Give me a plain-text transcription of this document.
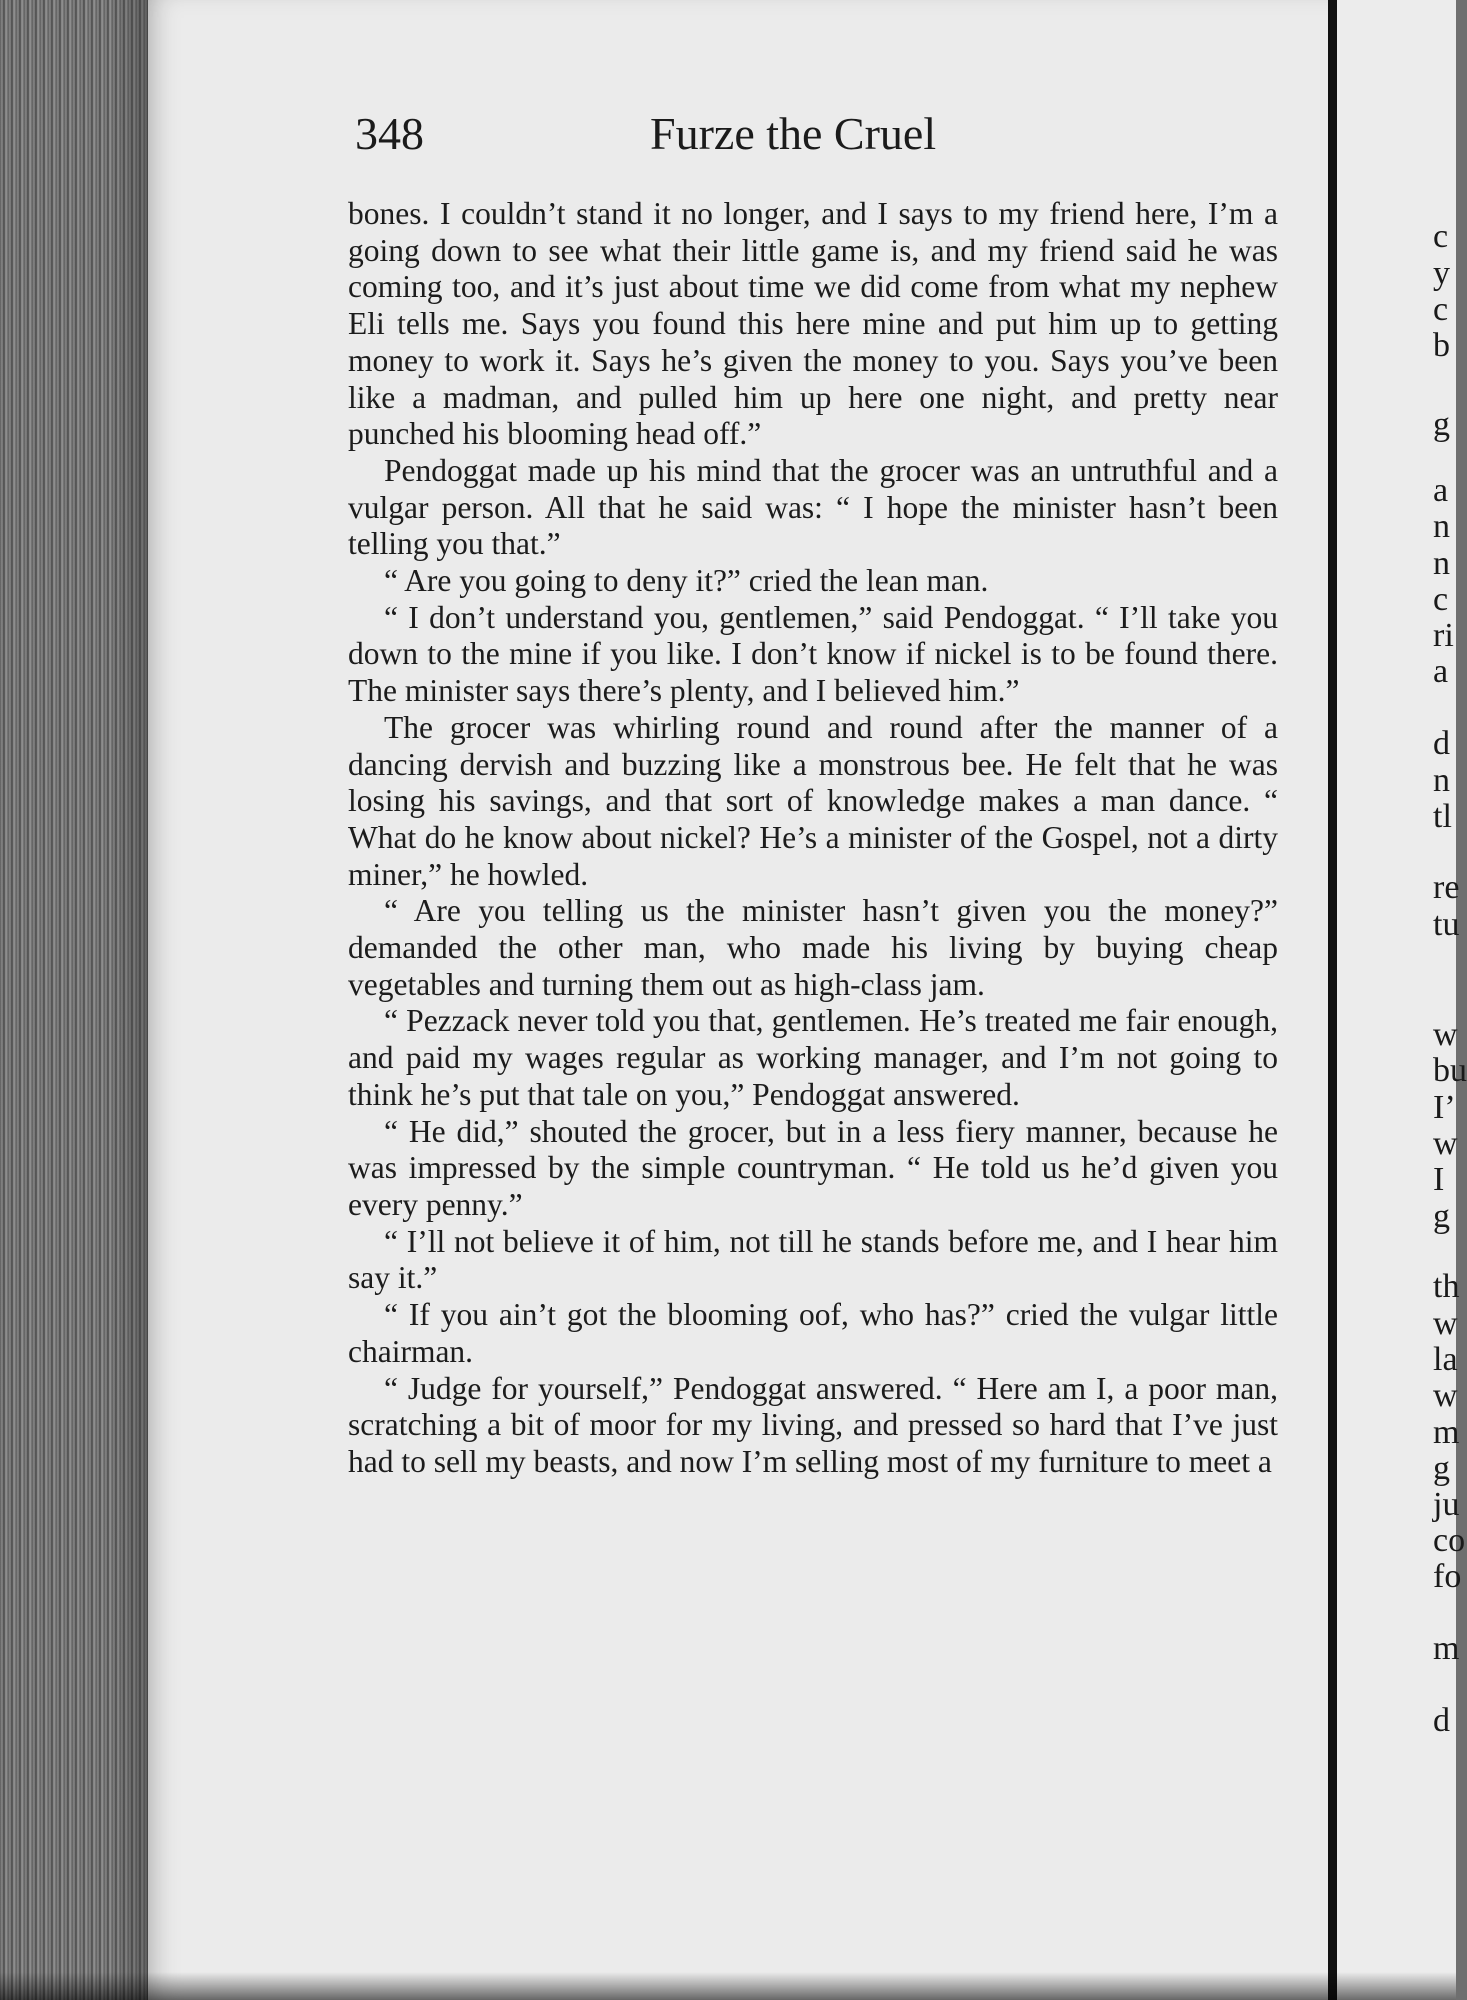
348	Furze the Cruel

bones. I couldn’t stand it no longer, and I says to my friend here, I’m a going down to see what their little game is, and my friend said he was coming too, and it’s just about time we did come from what my nephew Eli tells me. Says you found this here mine and put him up to getting money to work it. Says he’s given the money to you. Says you’ve been like a madman, and pulled him up here one night, and pretty near punched his blooming head off.”

Pendoggat made up his mind that the grocer was an untruthful and a vulgar person. All that he said was: “ I hope the minister hasn’t been telling you that.”

“ Are you going to deny it?” cried the lean man.

“ I don’t understand you, gentlemen,” said Pendoggat. “ I’ll take you down to the mine if you like. I don’t know if nickel is to be found there. The minister says there’s plenty, and I believed him.”

The grocer was whirling round and round after the manner of a dancing dervish and buzzing like a monstrous bee. He felt that he was losing his savings, and that sort of knowledge makes a man dance. “ What do he know about nickel? He’s a minister of the Gospel, not a dirty miner,” he howled.

“ Are you telling us the minister hasn’t given you the money?” demanded the other man, who made his living by buying cheap vegetables and turning them out as high-class jam.

“ Pezzack never told you that, gentlemen. He’s treated me fair enough, and paid my wages regular as working manager, and I’m not going to think he’s put that tale on you,” Pendoggat answered.

“ He did,” shouted the grocer, but in a less fiery manner, because he was impressed by the simple countryman. “ He told us he’d given you every penny.”

“ I’ll not believe it of him, not till he stands before me, and I hear him say it.”

“ If you ain’t got the blooming oof, who has?” cried the vulgar little chairman.

“ Judge for yourself,” Pendoggat answered. “ Here am I, a poor man, scratching a bit of moor for my living, and pressed so hard that I’ve just had to sell my beasts, and now I’m selling most of my furniture to meet a

c
y
c
b
g
a
n
n
c
ri
a
d
n
tl
re
tu
w
bu
I’
w
I
g
th
w
la
w
m
g
ju
co
fo
m
d
